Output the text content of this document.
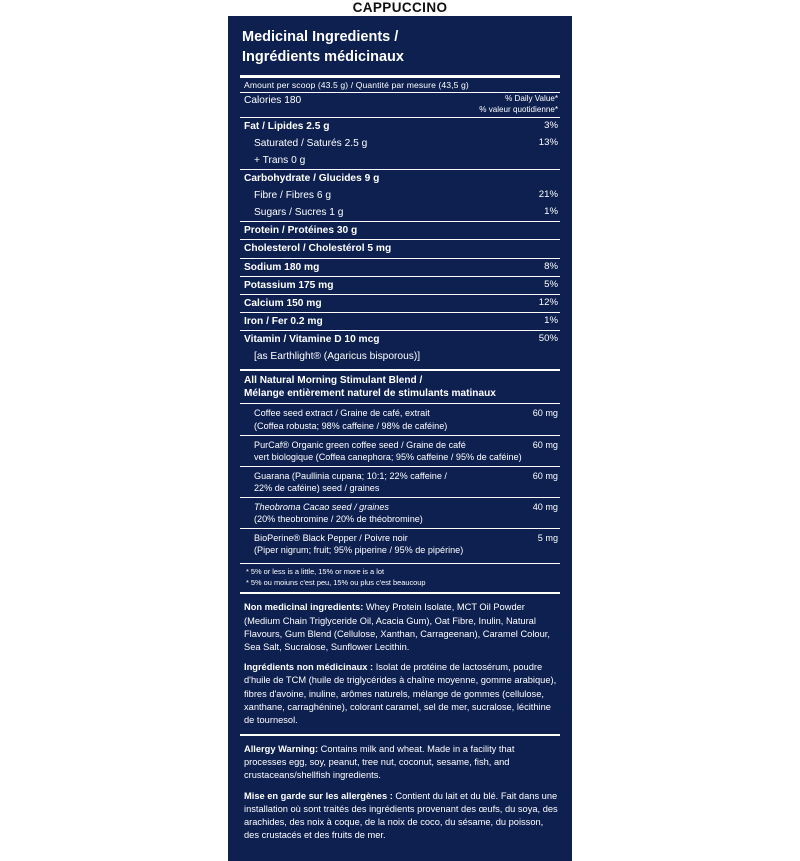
CAPPUCCINO
Medicinal Ingredients /
Ingrédients médicinaux
Amount per scoop (43.5 g) / Quantité par mesure (43,5 g)
Calories 180	% Daily Value*
% valeur quotidienne*
Fat / Lipides 2.5 g	3%
Saturated / Saturés 2.5 g	13%
+ Trans 0 g
Carbohydrate / Glucides 9 g
Fibre / Fibres 6 g	21%
Sugars / Sucres 1 g	1%
Protein / Protéines 30 g
Cholesterol / Cholestérol 5 mg
Sodium 180 mg	8%
Potassium 175 mg	5%
Calcium 150 mg	12%
Iron / Fer 0.2 mg	1%
Vitamin / Vitamine D 10 mcg	50%
[as Earthlight® (Agaricus bisporous)]
All Natural Morning Stimulant Blend /
Mélange entièrement naturel de stimulants matinaux
Coffee seed extract / Graine de café, extrait
(Coffea robusta; 98% caffeine / 98% de caféine)
60 mg
PurCaf® Organic green coffee seed / Graine de café
vert biologique (Coffea canephora; 95% caffeine / 95% de caféine)
60 mg
Guarana (Paullinia cupana; 10:1; 22% caffeine /
22% de caféine) seed / graines
60 mg
Theobroma Cacao seed / graines
(20% theobromine / 20% de théobromine)
40 mg
BioPerine® Black Pepper / Poivre noir
(Piper nigrum; fruit; 95% piperine / 95% de pipérine)
5 mg
* 5% or less is a little, 15% or more is a lot
* 5% ou moiuns c'est peu, 15% ou plus c'est beaucoup

Non medicinal ingredients: Whey Protein Isolate, MCT Oil Powder (Medium Chain Triglyceride Oil, Acacia Gum), Oat Fibre, Inulin, Natural Flavours, Gum Blend (Cellulose, Xanthan, Carrageenan), Caramel Colour, Sea Salt, Sucralose, Sunflower Lecithin.

Ingrédients non médicinaux : Isolat de protéine de lactosérum, poudre d'huile de TCM (huile de triglycérides à chaîne moyenne, gomme arabique), fibres d'avoine, inuline, arômes naturels, mélange de gommes (cellulose, xanthane, carraghénine), colorant caramel, sel de mer, sucralose, lécithine de tournesol.

Allergy Warning: Contains milk and wheat. Made in a facility that processes egg, soy, peanut, tree nut, coconut, sesame, fish, and crustaceans/shellfish ingredients.

Mise en garde sur les allergènes : Contient du lait et du blé. Fait dans une installation où sont traités des ingrédients provenant des œufs, du soya, des arachides, des noix à coque, de la noix de coco, du sésame, du poisson, des crustacés et des fruits de mer.
